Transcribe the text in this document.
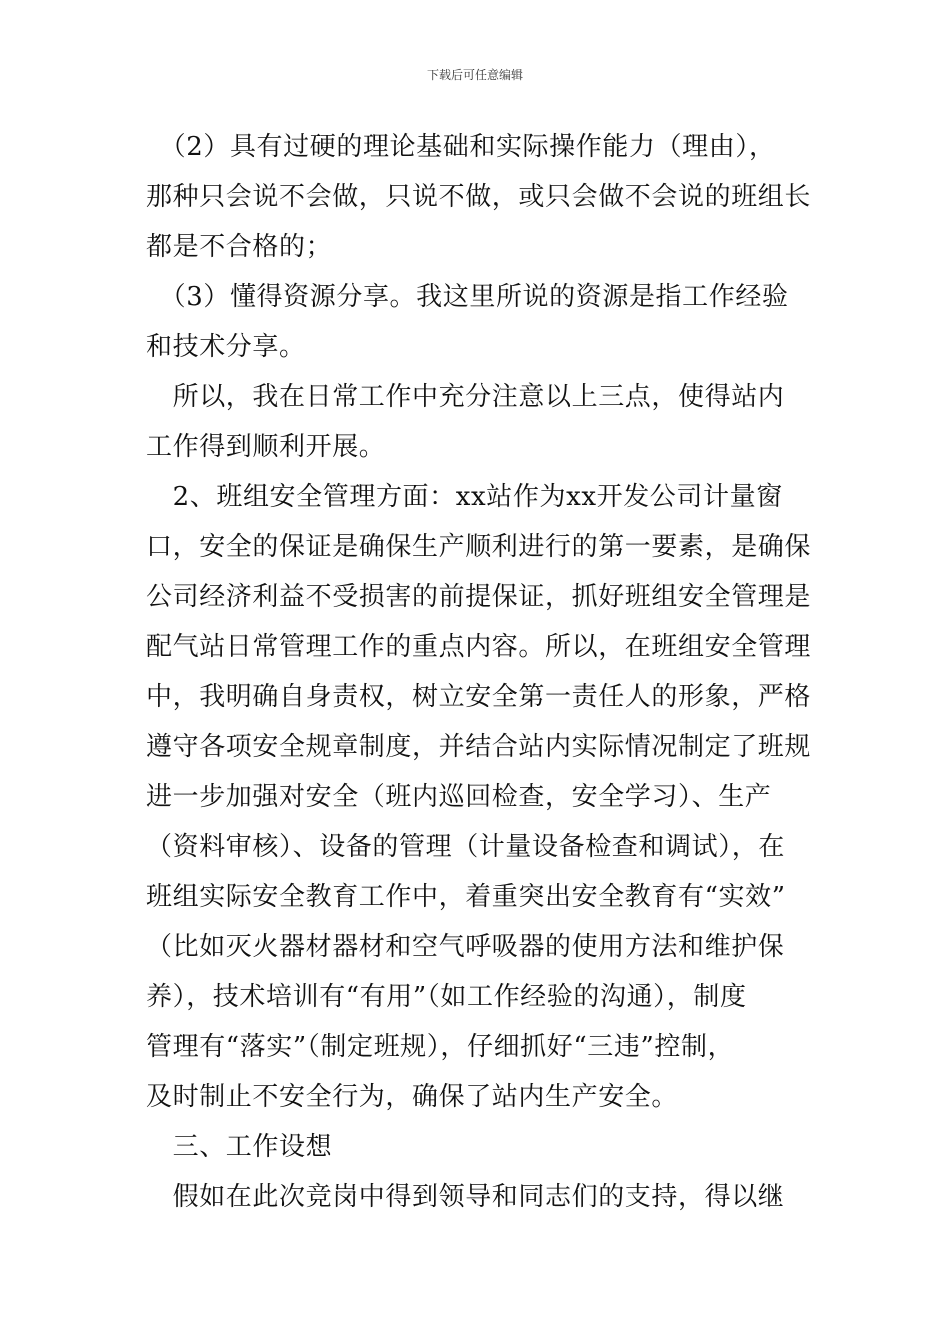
下载后可任意编辑
　（2）具有过硬的理论基础和实际操作能力（理由），
那种只会说不会做，只说不做，或只会做不会说的班组长
都是不合格的；
　（3）懂得资源分享。我这里所说的资源是指工作经验
和技术分享。
　所以，我在日常工作中充分注意以上三点，使得站内
工作得到顺利开展。
　2、班组安全管理方面：xx站作为xx开发公司计量窗
口，安全的保证是确保生产顺利进行的第一要素，是确保
公司经济利益不受损害的前提保证，抓好班组安全管理是
配气站日常管理工作的重点内容。所以，在班组安全管理
中，我明确自身责权，树立安全第一责任人的形象，严格
遵守各项安全规章制度，并结合站内实际情况制定了班规
进一步加强对安全（班内巡回检查，安全学习）、生产
（资料审核）、设备的管理（计量设备检查和调试），在
班组实际安全教育工作中，着重突出安全教育有“实效”
（比如灭火器材器材和空气呼吸器的使用方法和维护保
养），技术培训有“有用”（如工作经验的沟通），制度
管理有“落实”（制定班规），仔细抓好“三违”控制，
及时制止不安全行为，确保了站内生产安全。
　三、工作设想
　假如在此次竞岗中得到领导和同志们的支持，得以继
